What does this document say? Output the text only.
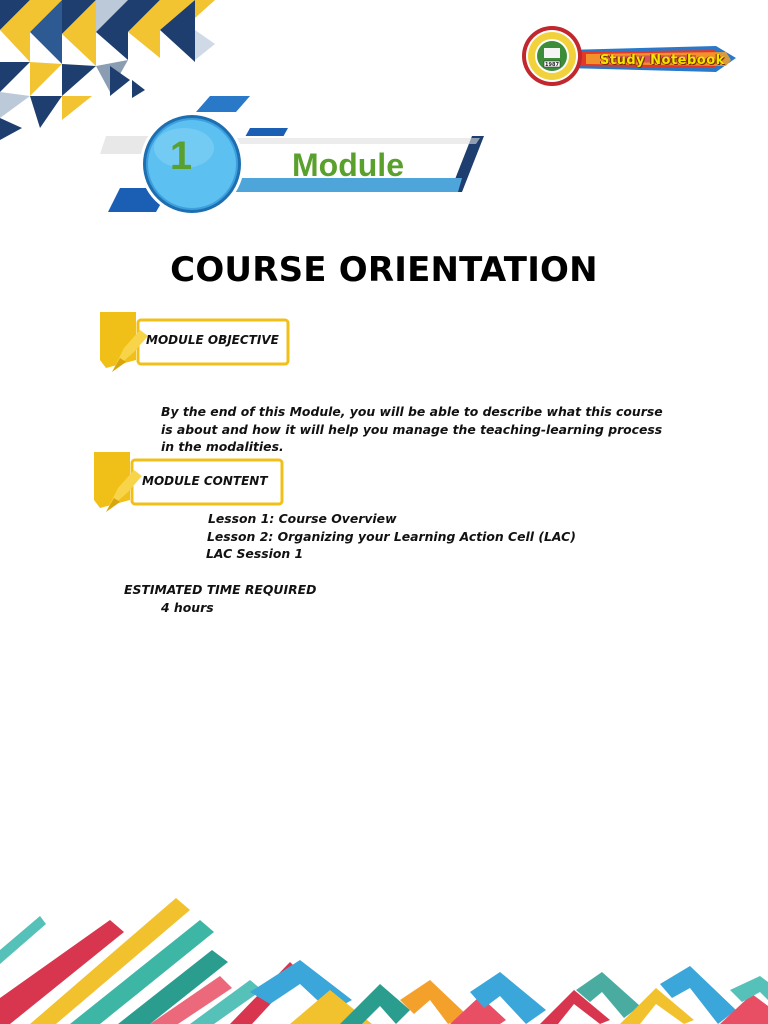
Study Notebook
1987
1	Module
COURSE ORIENTATION
MODULE OBJECTIVE
By the end of this Module, you will be able to describe what this course
is about and how it will help you manage the teaching-learning process
in the modalities.
MODULE CONTENT
Lesson 1: Course Overview
Lesson 2: Organizing your Learning Action Cell (LAC)
LAC Session 1
ESTIMATED TIME REQUIRED
4 hours
